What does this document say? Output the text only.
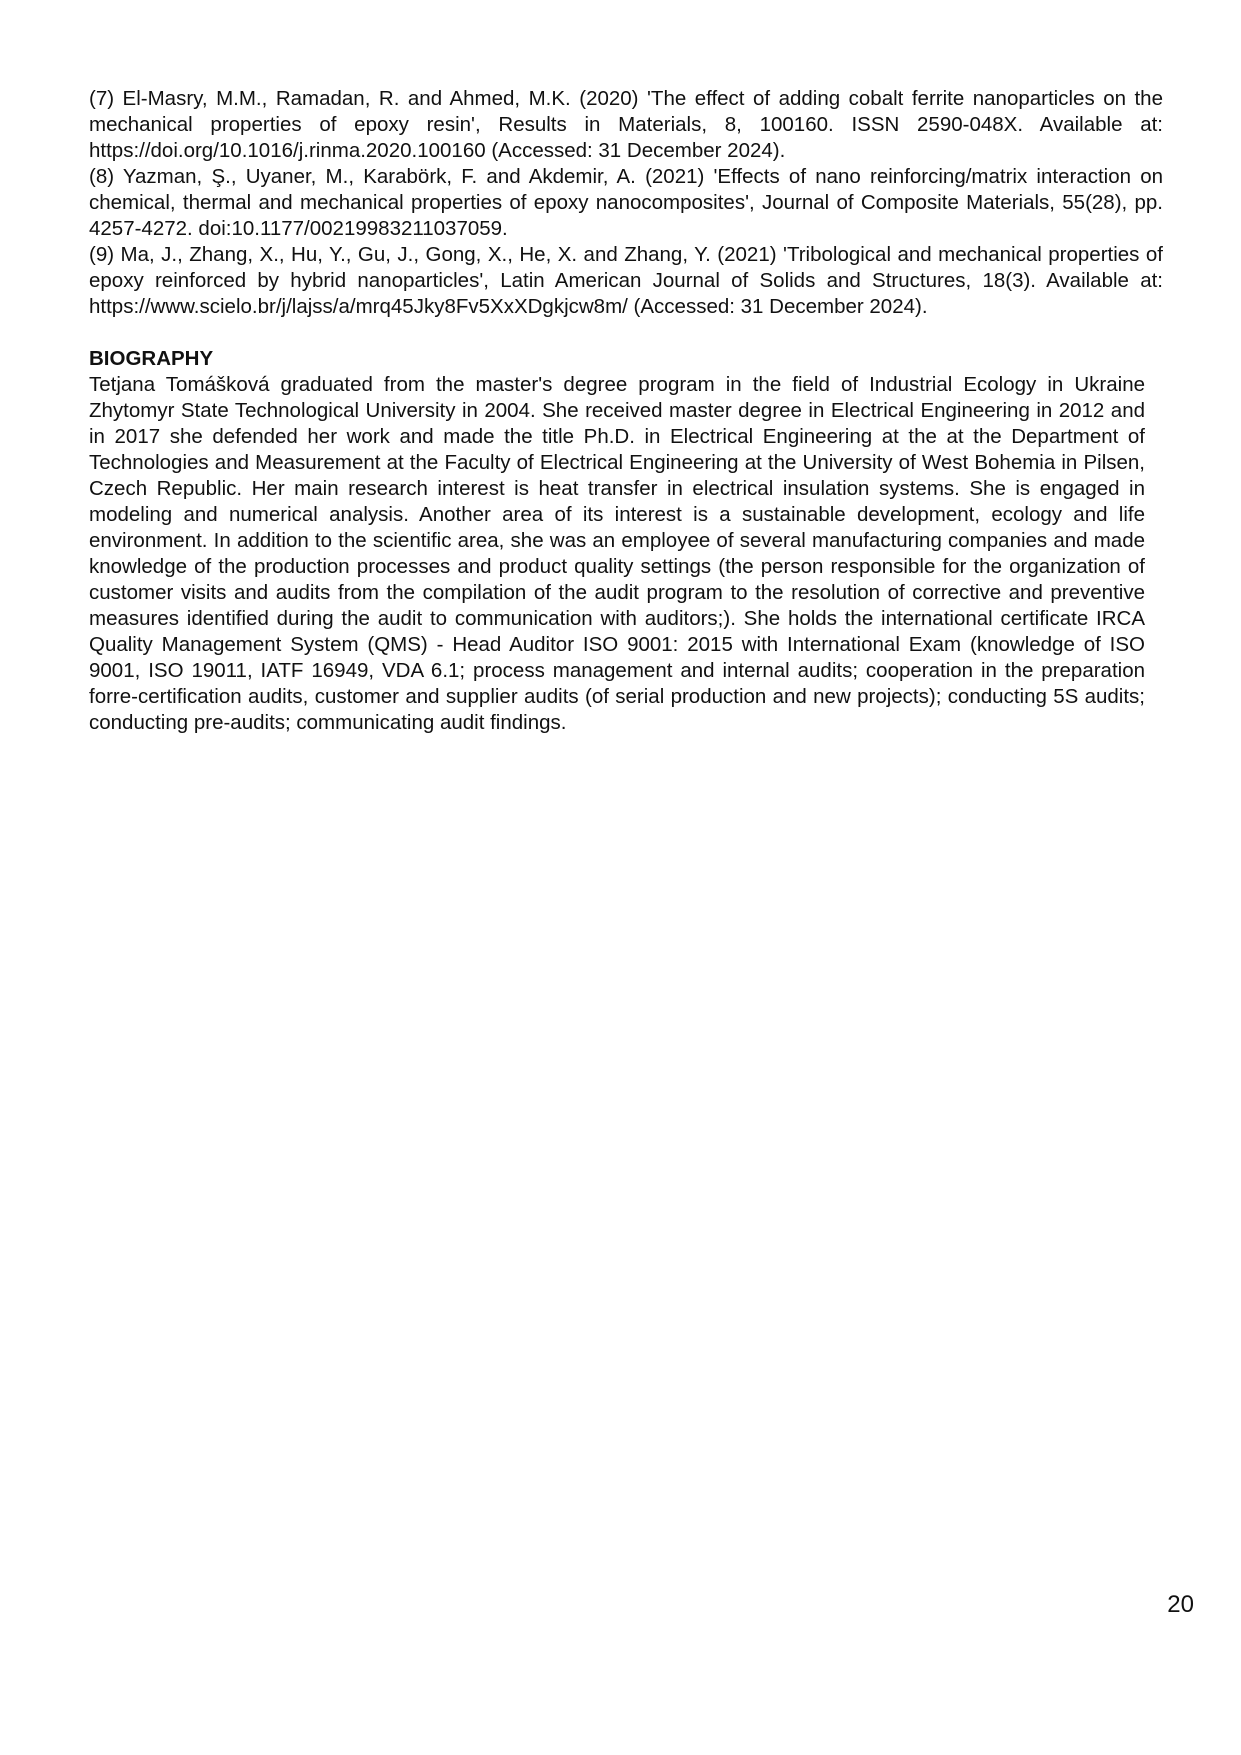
(7) El-Masry, M.M., Ramadan, R. and Ahmed, M.K. (2020) 'The effect of adding cobalt ferrite nanoparticles on the mechanical properties of epoxy resin', Results in Materials, 8, 100160. ISSN 2590-048X. Available at: https://doi.org/10.1016/j.rinma.2020.100160 (Accessed: 31 December 2024).

(8) Yazman, Ş., Uyaner, M., Karabörk, F. and Akdemir, A. (2021) 'Effects of nano reinforcing/matrix interaction on chemical, thermal and mechanical properties of epoxy nanocomposites', Journal of Composite Materials, 55(28), pp. 4257-4272. doi:10.1177/00219983211037059.

(9) Ma, J., Zhang, X., Hu, Y., Gu, J., Gong, X., He, X. and Zhang, Y. (2021) 'Tribological and mechanical properties of epoxy reinforced by hybrid nanoparticles', Latin American Journal of Solids and Structures, 18(3). Available at: https://www.scielo.br/j/lajss/a/mrq45Jky8Fv5XxXDgkjcw8m/ (Accessed: 31 December 2024).

BIOGRAPHY

Tetjana Tomášková graduated from the master's degree program in the field of Industrial Ecology in Ukraine Zhytomyr State Technological University in 2004. She received master degree in Electrical Engineering in 2012 and in 2017 she defended her work and made the title Ph.D. in Electrical Engineering at the at the Department of Technologies and Measurement at the Faculty of Electrical Engineering at the University of West Bohemia in Pilsen, Czech Republic. Her main research interest is heat transfer in electrical insulation systems. She is engaged in modeling and numerical analysis. Another area of its interest is a sustainable development, ecology and life environment. In addition to the scientific area, she was an employee of several manufacturing companies and made knowledge of the production processes and product quality settings (the person responsible for the organization of customer visits and audits from the compilation of the audit program to the resolution of corrective and preventive measures identified during the audit to communication with auditors;). She holds the international certificate IRCA Quality Management System (QMS) - Head Auditor ISO 9001: 2015 with International Exam (knowledge of ISO 9001, ISO 19011, IATF 16949, VDA 6.1; process management and internal audits; cooperation in the preparation forre-certification audits, customer and supplier audits (of serial production and new projects); conducting 5S audits; conducting pre-audits; communicating audit findings.

20
